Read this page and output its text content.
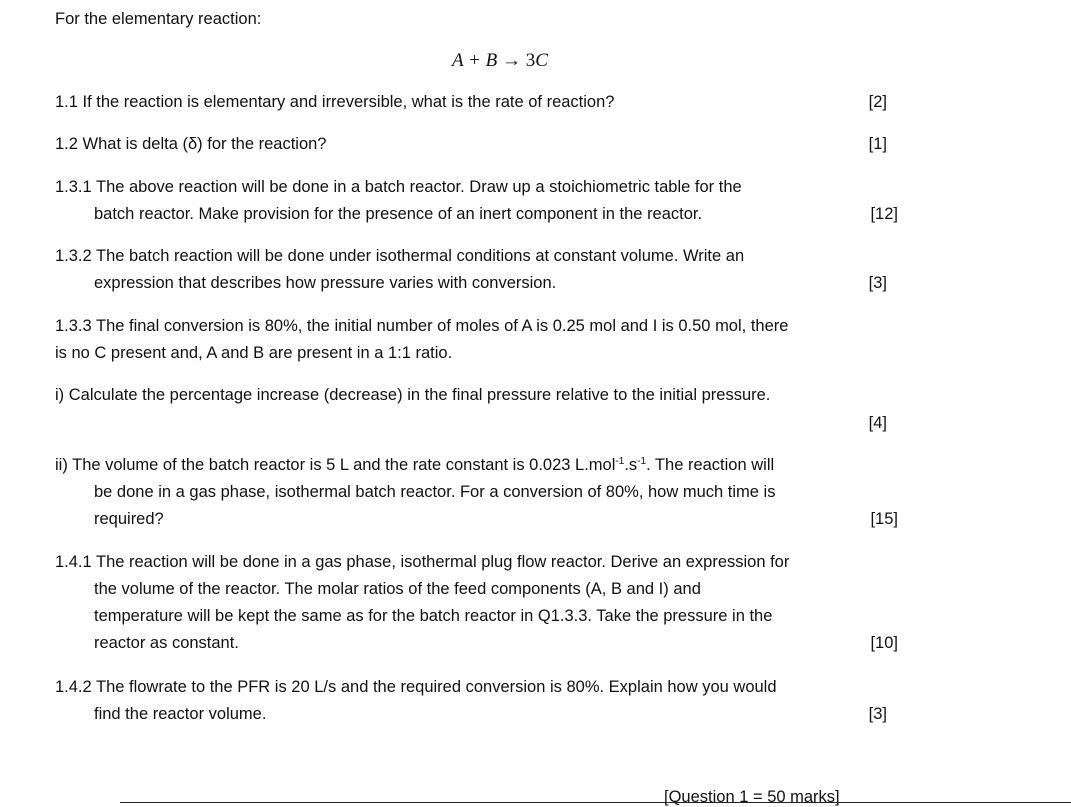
For the elementary reaction:
A + B → 3C
1.1 If the reaction is elementary and irreversible, what is the rate of reaction?	[2]
1.2 What is delta (δ) for the reaction?	[1]
1.3.1 The above reaction will be done in a batch reactor. Draw up a stoichiometric table for the
batch reactor. Make provision for the presence of an inert component in the reactor.	[12]
1.3.2 The batch reaction will be done under isothermal conditions at constant volume. Write an
expression that describes how pressure varies with conversion.	[3]
1.3.3 The final conversion is 80%, the initial number of moles of A is 0.25 mol and I is 0.50 mol, there
is no C present and, A and B are present in a 1:1 ratio.
i) Calculate the percentage increase (decrease) in the final pressure relative to the initial pressure.
[4]
ii) The volume of the batch reactor is 5 L and the rate constant is 0.023 $L.mol^{-1}.s^{-1}$. The reaction will
be done in a gas phase, isothermal batch reactor. For a conversion of 80%, how much time is
required?	[15]
1.4.1 The reaction will be done in a gas phase, isothermal plug flow reactor. Derive an expression for
the volume of the reactor. The molar ratios of the feed components (A, B and I) and
temperature will be kept the same as for the batch reactor in Q1.3.3. Take the pressure in the
reactor as constant.	[10]
1.4.2 The flowrate to the PFR is 20 L/s and the required conversion is 80%. Explain how you would
find the reactor volume.	[3]
[Question 1 = 50 marks]
